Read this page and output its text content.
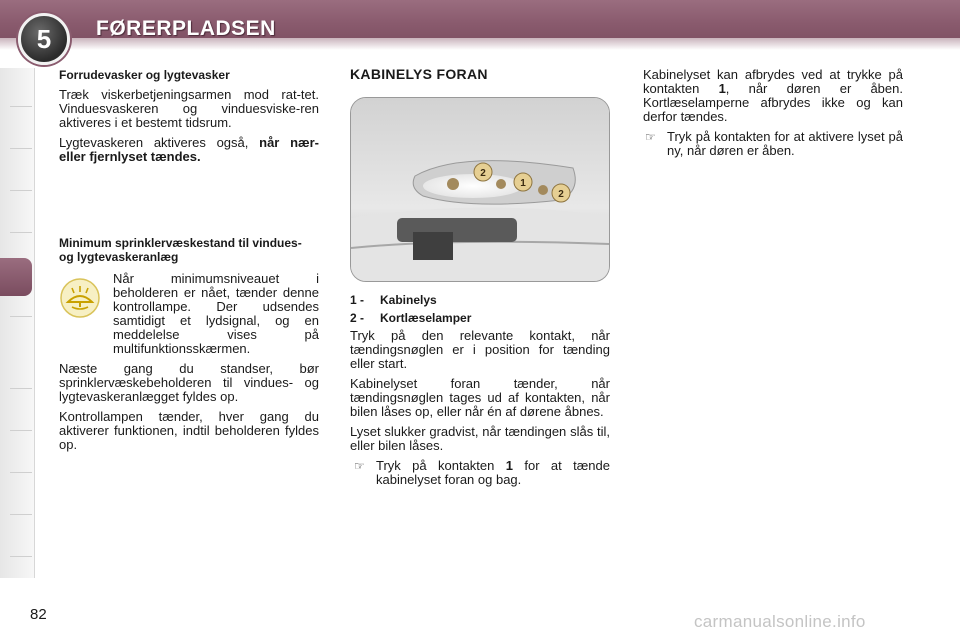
5	FØRERPLADSEN
Forrudevasker og lygtevasker

Træk viskerbetjeningsarmen mod rat-tet. Vinduesvaskeren og vinduesviske-ren aktiveres i et bestemt tidsrum.

Lygtevaskeren aktiveres også, når nær- eller fjernlyset tændes.

Minimum sprinklervæskestand til vindues- og lygtevaskeranlæg

Når minimumsniveauet i beholderen er nået, tænder denne kontrollampe. Der udsendes samtidigt et lydsignal, og en meddelelse vises på multifunktionsskærmen.

Næste gang du standser, bør sprinklervæskebeholderen til vindues- og lygtevaskeranlægget fyldes op.

Kontrollampen tænder, hver gang du aktiverer funktionen, indtil beholderen fyldes op.

KABINELYS FORAN
2
1
2
1 -	Kabinelys
2 -	Kortlæselamper

Tryk på den relevante kontakt, når tændingsnøglen er i position for tænding eller start.

Kabinelyset foran tænder, når tændingsnøglen tages ud af kontakten, når bilen låses op, eller når én af dørene åbnes.

Lyset slukker gradvist, når tændingen slås til, eller bilen låses.

☞ Tryk på kontakten 1 for at tænde kabinelyset foran og bag.

Kabinelyset kan afbrydes ved at trykke på kontakten 1, når døren er åben. Kortlæselamperne afbrydes ikke og kan derfor tændes.

☞ Tryk på kontakten for at aktivere lyset på ny, når døren er åben.

82	carmanualsonline.info
